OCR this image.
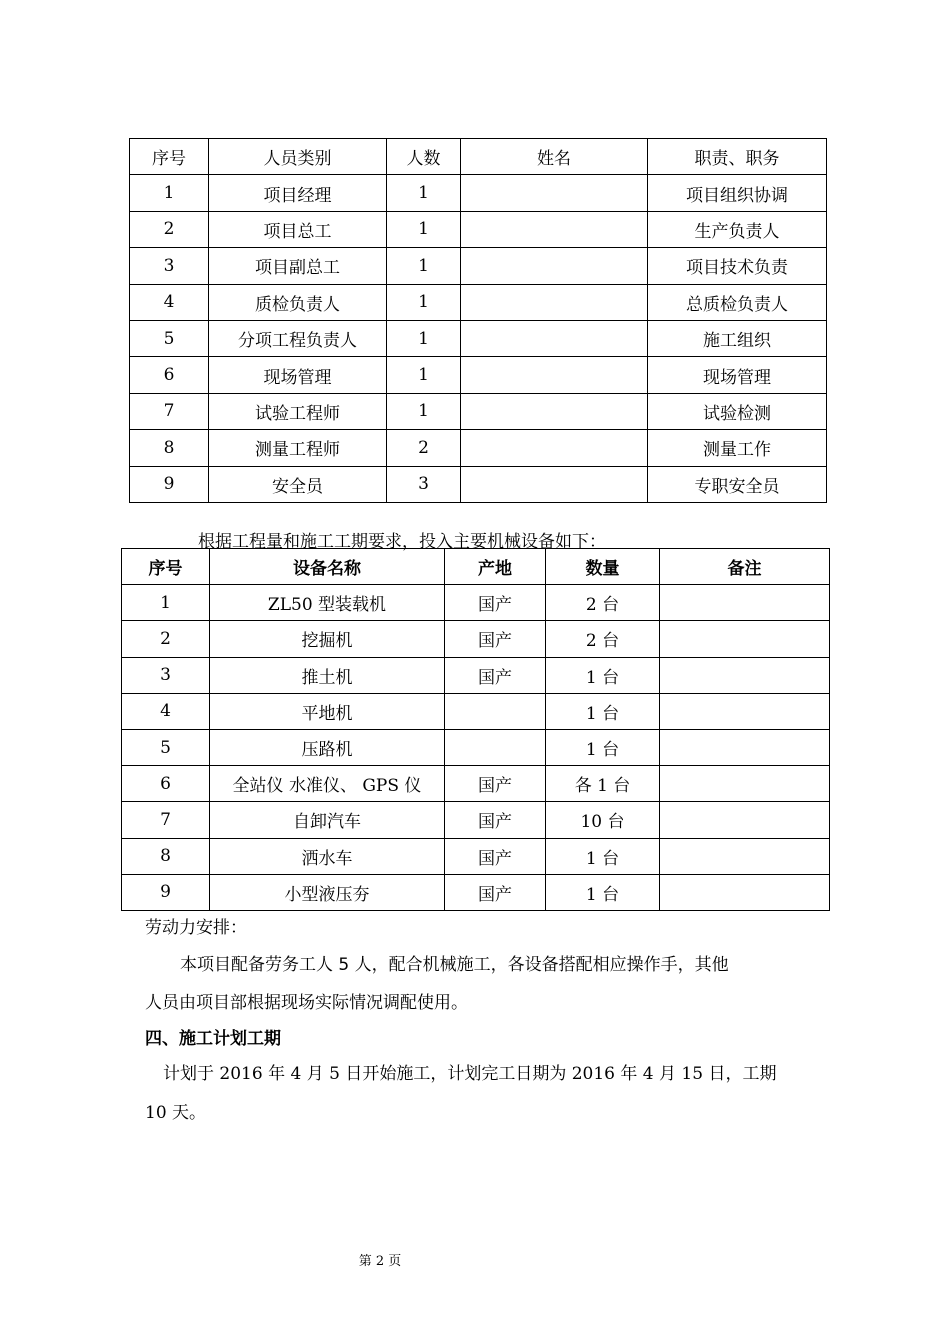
序号	人员类别	人数	姓名	职责、职务
1	项目经理	1		项目组织协调
2	项目总工	1		生产负责人
3	项目副总工	1		项目技术负责
4	质检负责人	1		总质检负责人
5	分项工程负责人	1		施工组织
6	现场管理	1		现场管理
7	试验工程师	1		试验检测
8	测量工程师	2		测量工作
9	安全员	3		专职安全员
根据工程量和施工工期要求，投入主要机械设备如下：
序号	设备名称	产地	数量	备注
1	ZL50 型装载机	国产	2 台	
2	挖掘机	国产	2 台	
3	推土机	国产	1 台	
4	平地机		1 台	
5	压路机		1 台	
6	全站仪 水准仪、 GPS 仪	国产	各 1 台	
7	自卸汽车	国产	10 台	
8	洒水车	国产	1 台	
9	小型液压夯	国产	1 台	
劳动力安排：
本项目配备劳务工人 5 人，配合机械施工，各设备搭配相应操作手，其他
人员由项目部根据现场实际情况调配使用。
四、施工计划工期
计划于 2016 年 4 月 5 日开始施工，计划完工日期为 2016 年 4 月 15 日，工期
10 天。
第 2 页
